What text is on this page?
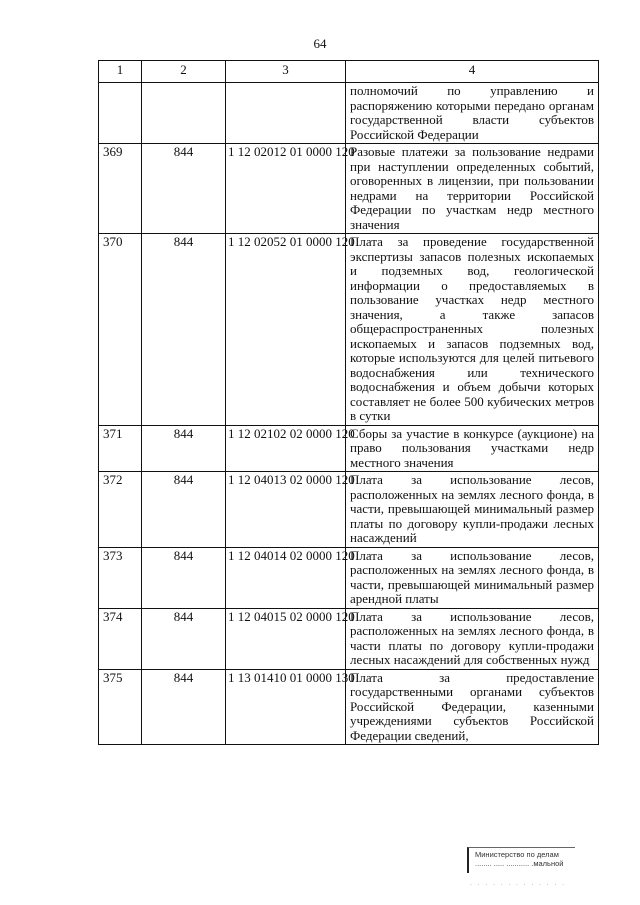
64
1	2	3	4
			полномочий по управлению и распоряжению которыми передано органам государственной власти субъектов Российской Федерации
369	844	1 12 02012 01 0000 120	Разовые платежи за пользование недрами при наступлении определенных событий, оговоренных в лицензии, при пользовании недрами на территории Российской Федерации по участкам недр местного значения
370	844	1 12 02052 01 0000 120	Плата за проведение государственной экспертизы запасов полезных ископаемых и подземных вод, геологической информации о предоставляемых в пользование участках недр местного значения, а также запасов общераспространенных полезных ископаемых и запасов подземных вод, которые используются для целей питьевого водоснабжения или технического водоснабжения и объем добычи которых составляет не более 500 кубических метров в сутки
371	844	1 12 02102 02 0000 120	Сборы за участие в конкурсе (аукционе) на право пользования участками недр местного значения
372	844	1 12 04013 02 0000 120	Плата за использование лесов, расположенных на землях лесного фонда, в части, превышающей минимальный размер платы по договору купли-продажи лесных насаждений
373	844	1 12 04014 02 0000 120	Плата за использование лесов, расположенных на землях лесного фонда, в части, превышающей минимальный размер арендной платы
374	844	1 12 04015 02 0000 120	Плата за использование лесов, расположенных на землях лесного фонда, в части платы по договору купли-продажи лесных насаждений для собственных нужд
375	844	1 13 01410 01 0000 130	Плата за предоставление государственными органами субъектов Российской Федерации, казенными учреждениями субъектов Российской Федерации сведений,
Министерство по делам
........ ..... ........... .мальной
· · · · · · · · · · · · ·
